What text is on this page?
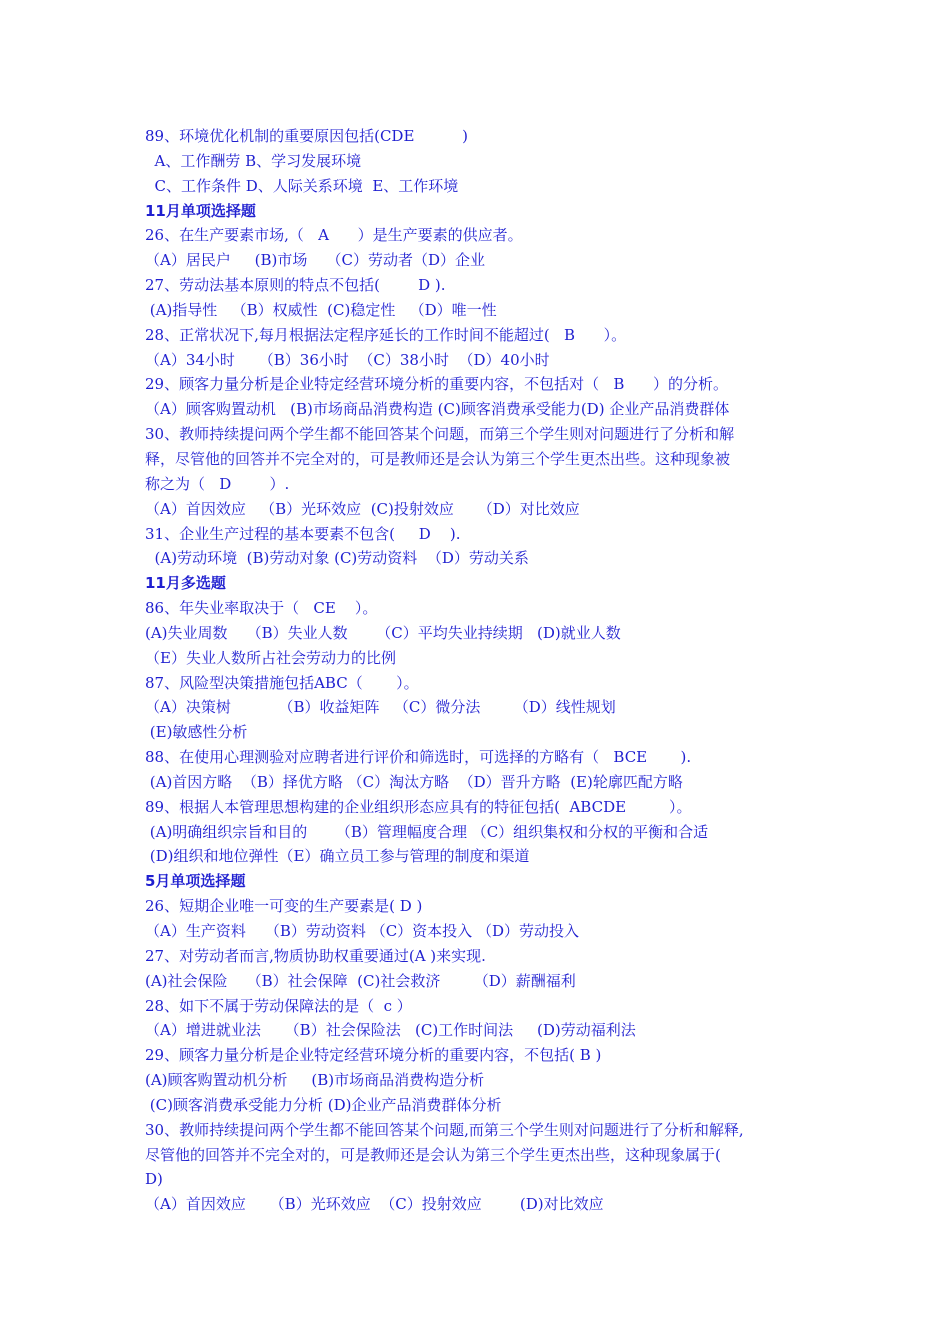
89、环境优化机制的重要原因包括(CDE          )
A、工作酬劳 B、学习发展环境
C、工作条件 D、人际关系环境  E、工作环境
11月单项选择题
26、在生产要素市场,（   A      ）是生产要素的供应者。
（A）居民户     (B)市场    （C）劳动者（D）企业
27、劳动法基本原则的特点不包括(        D ).
(A)指导性   （B）权威性  (C)稳定性   （D）唯一性
28、正常状况下,每月根据法定程序延长的工作时间不能超过(   B      ）。
（A）34小时     （B）36小时  （C）38小时  （D）40小时
29、顾客力量分析是企业特定经营环境分析的重要内容，不包括对（   B      ）的分析。
（A）顾客购置动机   (B)市场商品消费构造 (C)顾客消费承受能力(D) 企业产品消费群体
30、教师持续提问两个学生都不能回答某个问题，而第三个学生则对问题进行了分析和解
释，尽管他的回答并不完全对的，可是教师还是会认为第三个学生更杰出些。这种现象被
称之为（   D        ）.
（A）首因效应   （B）光环效应  (C)投射效应     （D）对比效应
31、企业生产过程的基本要素不包含(     D    ).
(A)劳动环境  (B)劳动对象 (C)劳动资料  （D）劳动关系
11月多选题
86、年失业率取决于（   CE    ）。
(A)失业周数    （B）失业人数      （C）平均失业持续期   (D)就业人数
（E）失业人数所占社会劳动力的比例
87、风险型决策措施包括ABC（       ）。
（A）决策树          （B）收益矩阵   （C）微分法       （D）线性规划
(E)敏感性分析
88、在使用心理测验对应聘者进行评价和筛选时，可选择的方略有（   BCE       ).
(A)首因方略  （B）择优方略 （C）淘汰方略  （D）晋升方略  (E)轮廓匹配方略
89、根据人本管理思想构建的企业组织形态应具有的特征包括(  ABCDE         ）。
(A)明确组织宗旨和目的      （B）管理幅度合理 （C）组织集权和分权的平衡和合适
(D)组织和地位弹性（E）确立员工参与管理的制度和渠道
5月单项选择题
26、短期企业唯一可变的生产要素是( D )
（A）生产资料    （B）劳动资料 （C）资本投入 （D）劳动投入
27、对劳动者而言,物质协助权重要通过(A )来实现.
(A)社会保险    （B）社会保障  (C)社会救济       （D）薪酬福利
28、如下不属于劳动保障法的是（  c ）
（A）增进就业法     （B）社会保险法   (C)工作时间法     (D)劳动福利法
29、顾客力量分析是企业特定经营环境分析的重要内容，不包括( B )
(A)顾客购置动机分析     (B)市场商品消费构造分析
(C)顾客消费承受能力分析 (D)企业产品消费群体分析
30、教师持续提问两个学生都不能回答某个问题,而第三个学生则对问题进行了分析和解释,
尽管他的回答并不完全对的，可是教师还是会认为第三个学生更杰出些，这种现象属于(
D)
（A）首因效应     （B）光环效应  （C）投射效应        (D)对比效应
